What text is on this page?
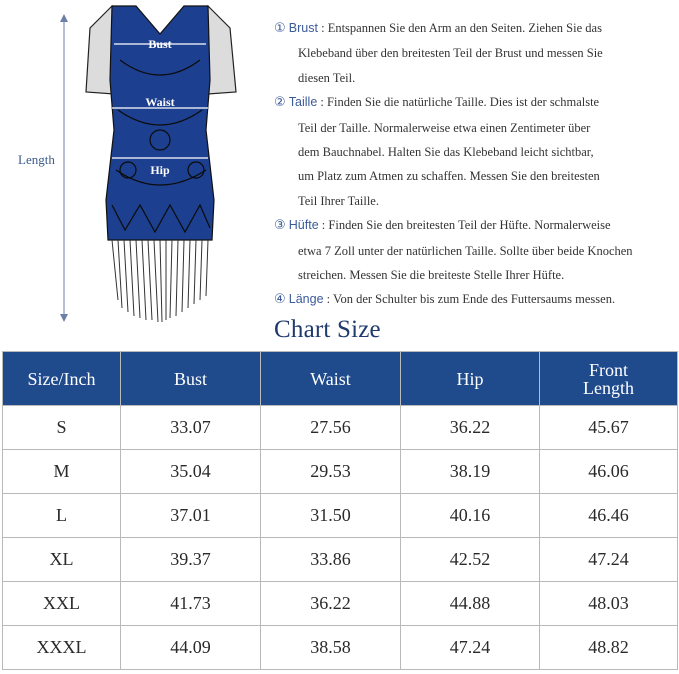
Bust
Waist
Hip
Length
① Brust : Entspannen Sie den Arm an den Seiten. Ziehen Sie das
Klebeband über den breitesten Teil der Brust und messen Sie
diesen Teil.
② Taille : Finden Sie die natürliche Taille. Dies ist der schmalste
Teil der Taille. Normalerweise etwa einen Zentimeter über
dem Bauchnabel. Halten Sie das Klebeband leicht sichtbar,
um Platz zum Atmen zu schaffen. Messen Sie den breitesten
Teil Ihrer Taille.
③ Hüfte : Finden Sie den breitesten Teil der Hüfte. Normalerweise
etwa 7 Zoll unter der natürlichen Taille. Sollte über beide Knochen
streichen. Messen Sie die breiteste Stelle Ihrer Hüfte.
④ Länge : Von der Schulter bis zum Ende des Futtersaums messen.
Chart Size
Size/Inch	Bust	Waist	Hip	Front
Length
S	33.07	27.56	36.22	45.67
M	35.04	29.53	38.19	46.06
L	37.01	31.50	40.16	46.46
XL	39.37	33.86	42.52	47.24
XXL	41.73	36.22	44.88	48.03
XXXL	44.09	38.58	47.24	48.82
